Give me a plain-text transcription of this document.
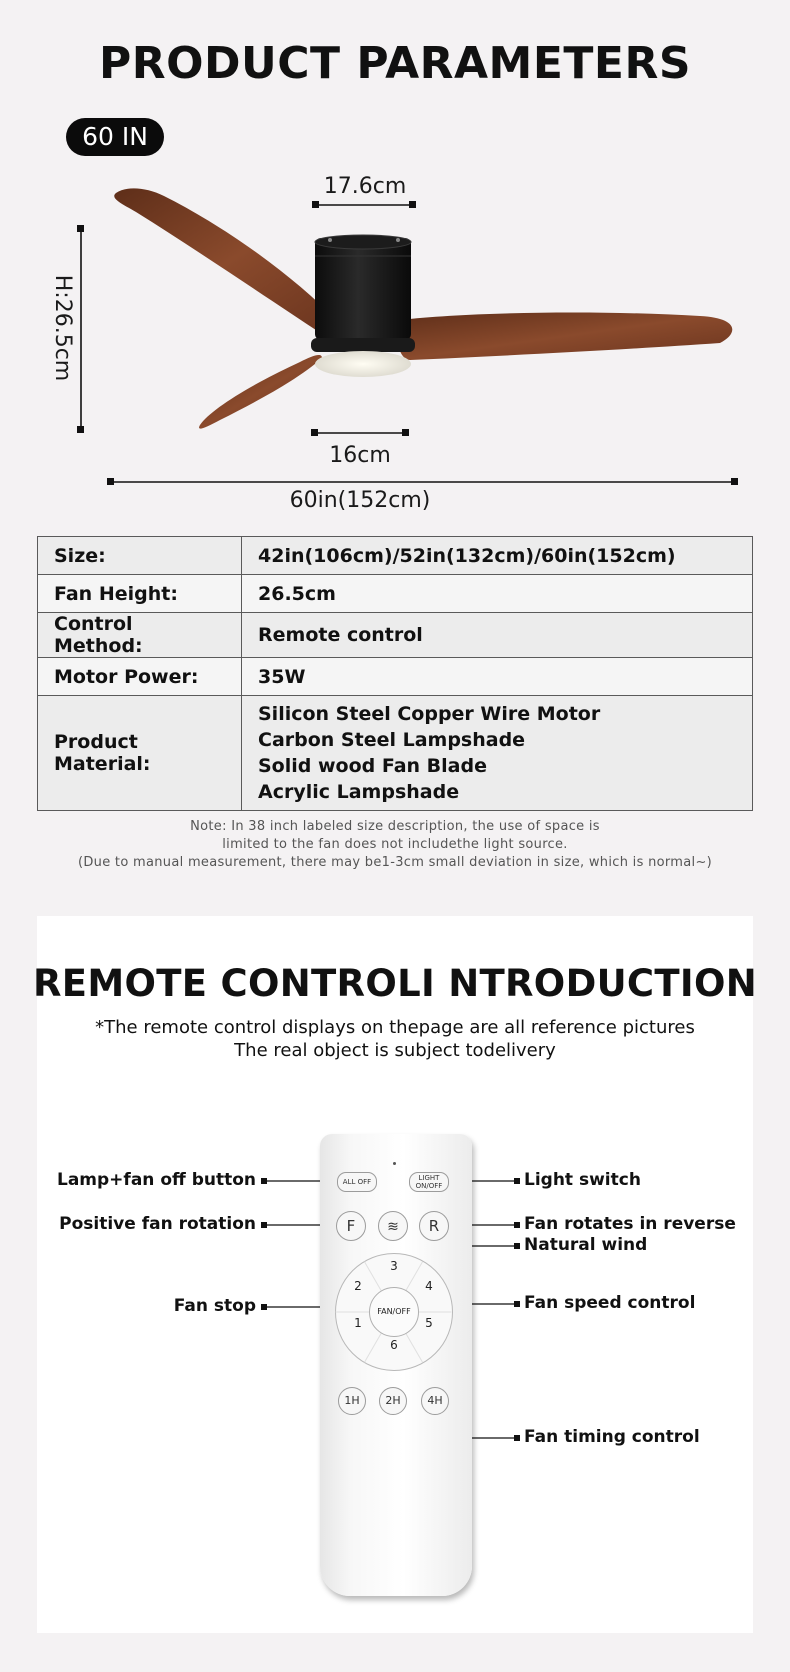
PRODUCT PARAMETERS
60 IN
17.6cm
H:26.5cm
16cm
60in(152cm)
Size:	42in(106cm)/52in(132cm)/60in(152cm)
Fan Height:	26.5cm
Control Method:	Remote control
Motor Power:	35W
Product Material:	Silicon Steel Copper Wire Motor
Carbon Steel Lampshade
Solid wood Fan Blade
Acrylic Lampshade
Note: In 38 inch labeled size description, the use of space is
limited to the fan does not includethe light source.
(Due to manual measurement, there may be1-3cm small deviation in size, which is normal~)
REMOTE CONTROLI NTRODUCTION
*The remote control displays on thepage are all reference pictures
The real object is subject todelivery
ALL OFF	LIGHT
ON/OFF
F	≋	R
1
2
3
4
5
6
FAN/OFF
1H	2H	4H
Lamp+fan off button
Positive fan rotation
Fan stop
Light switch
Fan rotates in reverse
Natural wind
Fan speed control
Fan timing control
